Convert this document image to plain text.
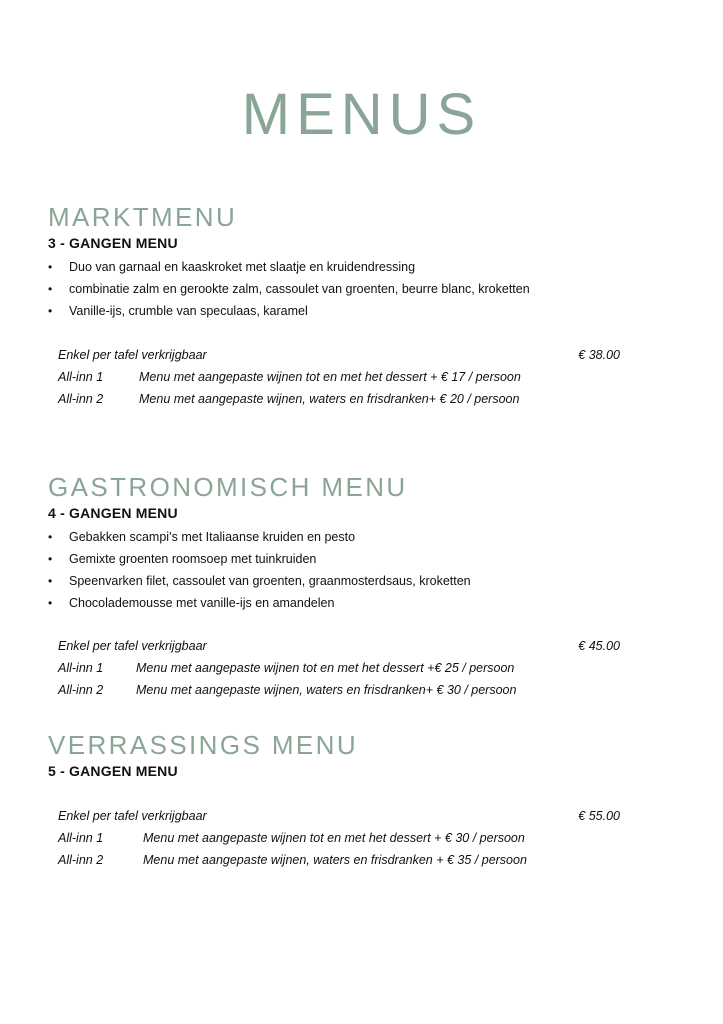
MENUS
MARKTMENU
3 - GANGEN MENU
• Duo van garnaal en kaaskroket met slaatje en kruidendressing
• combinatie zalm en gerookte zalm, cassoulet van groenten, beurre blanc, kroketten
• Vanille-ijs, crumble van speculaas, karamel
Enkel per tafel verkrijgbaar	€ 38.00
All-inn 1	Menu met aangepaste wijnen tot en met het dessert + € 17 / persoon
All-inn 2	Menu met aangepaste wijnen, waters en frisdranken+ € 20 / persoon
GASTRONOMISCH MENU
4 - GANGEN MENU
• Gebakken scampi’s met Italiaanse kruiden en pesto
• Gemixte groenten roomsoep met tuinkruiden
• Speenvarken filet, cassoulet van groenten, graanmosterdsaus, kroketten
• Chocolademousse met vanille-ijs en amandelen
Enkel per tafel verkrijgbaar	€ 45.00
All-inn 1	Menu met aangepaste wijnen tot en met het dessert +€ 25 / persoon
All-inn 2	Menu met aangepaste wijnen, waters en frisdranken+ € 30 / persoon
VERRASSINGS MENU
5 - GANGEN MENU
Enkel per tafel verkrijgbaar	€ 55.00
All-inn 1	Menu met aangepaste wijnen tot en met het dessert + € 30 / persoon
All-inn 2	Menu met aangepaste wijnen, waters en frisdranken + € 35 / persoon
